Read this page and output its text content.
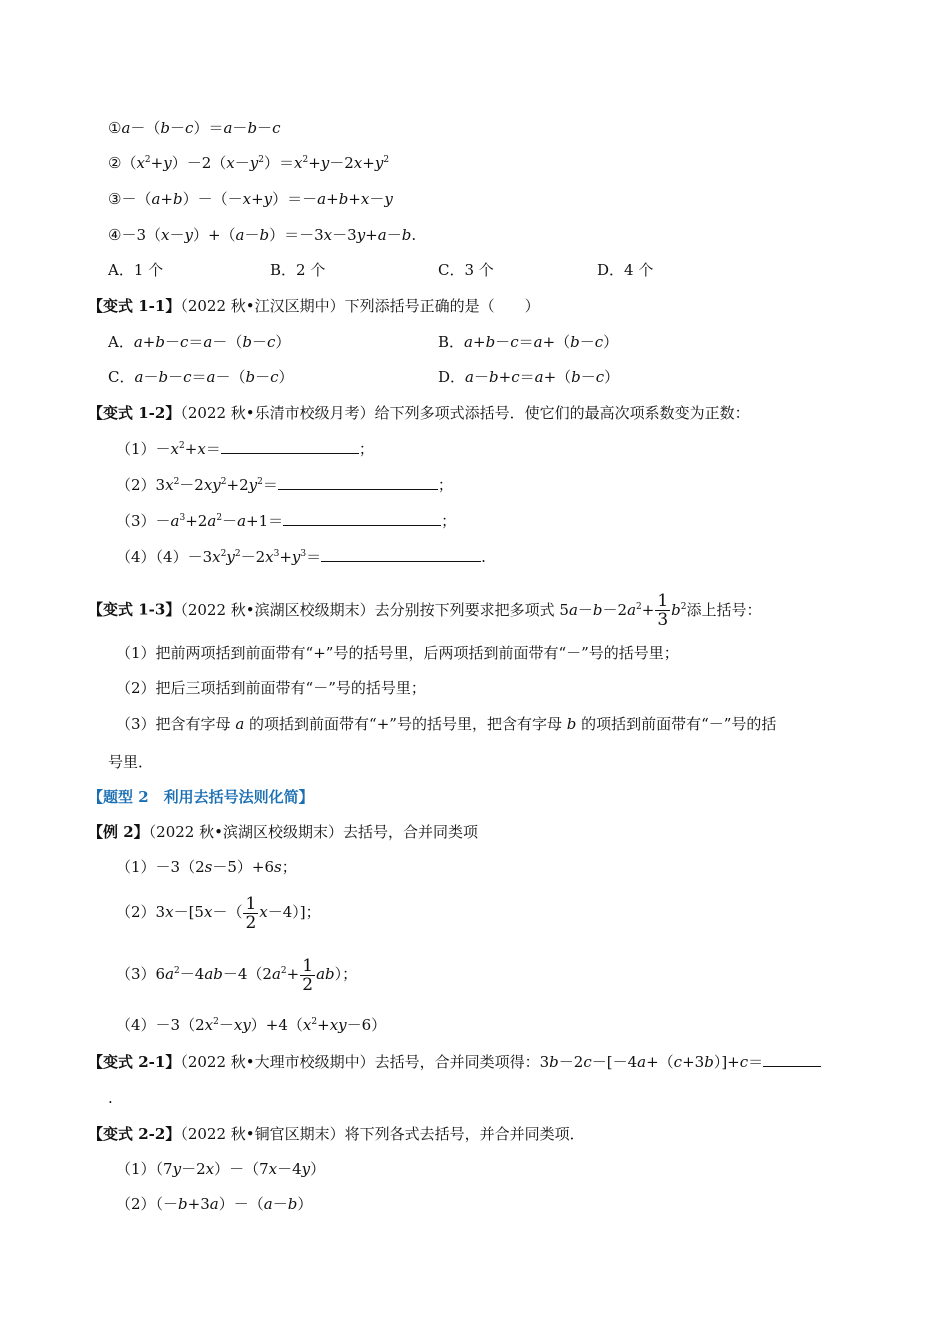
①a－（b－c）＝a－b－c
$②(x^2+y)-2(x-y^2)=x^2+y-2x+y^2$
③－（a+b）－（－x+y）＝－a+b+x－y
④－3（x－y）+（a－b）＝－3x－3y+a－b.
A．1 个	B．2 个	C．3 个	D．4 个
【变式 1-1】（2022 秋•江汉区期中）下列添括号正确的是（　　）
A．a+b－c＝a－（b－c）	B．a+b－c＝a+（b－c）
C．a－b－c＝a－（b－c）	D．a－b+c＝a+（b－c）
【变式 1-2】（2022 秋•乐清市校级月考）给下列多项式添括号．使它们的最高次项系数变为正数：
$(1)-x^2+x=$	；
$(2)3x^2-2xy^2+2y^2=$	；
$(3)-a^3+2a^2-a+1=$	；
$(4)(4)-3x^2y^2-2x^3+y^3=$	.
【变式 1-3】（2022 秋•滨湖区校级期末）去分别按下列要求把多项式 $5a-b-2a^2+ \frac{1}{3} b^2$添上括号：
（1）把前两项括到前面带有“+”号的括号里，后两项括到前面带有“－”号的括号里；
（2）把后三项括到前面带有“－”号的括号里；
（3）把含有字母 a 的项括到前面带有“+”号的括号里，把含有字母 b 的项括到前面带有“－”号的括
号里．
【题型 2　利用去括号法则化简】
【例 2】（2022 秋•滨湖区校级期末）去括号，合并同类项
（1）－3（2s－5）+6s；
$(2)3x-[5x-( \frac{1}{2} x-4)]$；
$(3)6a^2-4ab-4(2a^2+ \frac{1}{2} ab)$；
$(4)-3(2x^2-xy)+4(x^2+xy-6)$
【变式 2-1】（2022 秋•大理市校级期中）去括号，合并同类项得：3b－2c－[－4a+（c+3b）]+c＝
.
【变式 2-2】（2022 秋•铜官区期末）将下列各式去括号，并合并同类项．
（1）（7y－2x）－（7x－4y）
（2）（－b+3a）－（a－b）
